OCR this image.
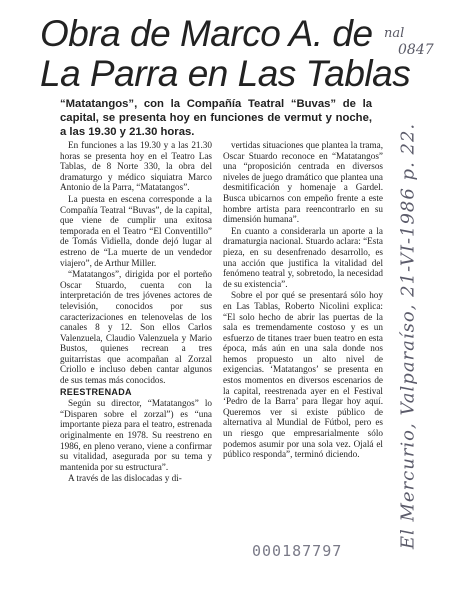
Obra de Marco A. de
La Parra en Las Tablas
nal
0847
“Matatangos”, con la Compañía Teatral “Buvas” de la capital, se presenta hoy en funciones de vermut y noche, a las 19.30 y 21.30 horas.

En funciones a las 19.30 y a las 21.30 horas se presenta hoy en el Teatro Las Tablas, de 8 Norte 330, la obra del dramaturgo y médico siquiatra Marco Antonio de la Parra, “Matatangos”.

La puesta en escena corresponde a la Compañía Teatral “Buvas”, de la capital, que viene de cumplir una exitosa temporada en el Teatro “El Conventillo” de Tomás Vidiella, donde dejó lugar al estreno de “La muerte de un vendedor viajero”, de Arthur Miller.

“Matatangos”, dirigida por el porteño Oscar Stuardo, cuenta con la interpretación de tres jóvenes actores de televisión, conocidos por sus caracterizaciones en telenovelas de los canales 8 y 12. Son ellos Carlos Valenzuela, Claudio Valenzuela y Mario Bustos, quienes recrean a tres guitarristas que acompañan al Zorzal Criollo e incluso deben cantar algunos de sus temas más conocidos.

REESTRENADA

Según su director, “Matatangos” lo “Disparen sobre el zorzal”) es “una importante pieza para el teatro, estrenada originalmente en 1978. Su reestreno en 1986, en pleno verano, viene a confirmar su vitalidad, asegurada por su tema y mantenida por su estructura”.

A través de las dislocadas y di-

vertidas situaciones que plantea la trama, Oscar Stuardo reconoce en “Matatangos” una “proposición centrada en diversos niveles de juego dramático que plantea una desmitificación y homenaje a Gardel. Busca ubicarnos con empeño frente a este hombre artista para reencontrarlo en su dimensión humana”.

En cuanto a considerarla un aporte a la dramaturgia nacional. Stuardo aclara: “Esta pieza, en su desenfrenado desarrollo, es una acción que justifica la vitalidad del fenómeno teatral y, sobretodo, la necesidad de su existencia”.

Sobre el por qué se presentará sólo hoy en Las Tablas, Roberto Nicolini explica: “El solo hecho de abrir las puertas de la sala es tremendamente costoso y es un esfuerzo de titanes traer buen teatro en esta época, más aún en una sala donde nos hemos propuesto un alto nivel de exigencias. ‘Matatangos’ se presenta en estos momentos en diversos escenarios de la capital, reestrenada ayer en el Festival ‘Pedro de la Barra’ para llegar hoy aquí. Queremos ver si existe público de alternativa al Mundial de Fútbol, pero es un riesgo que empresarialmente sólo podemos asumir por una sola vez. Ojalá el público responda”, terminó diciendo.	El Mercurio, Valparaíso, 21-VI-1986 p. 22.
000187797
